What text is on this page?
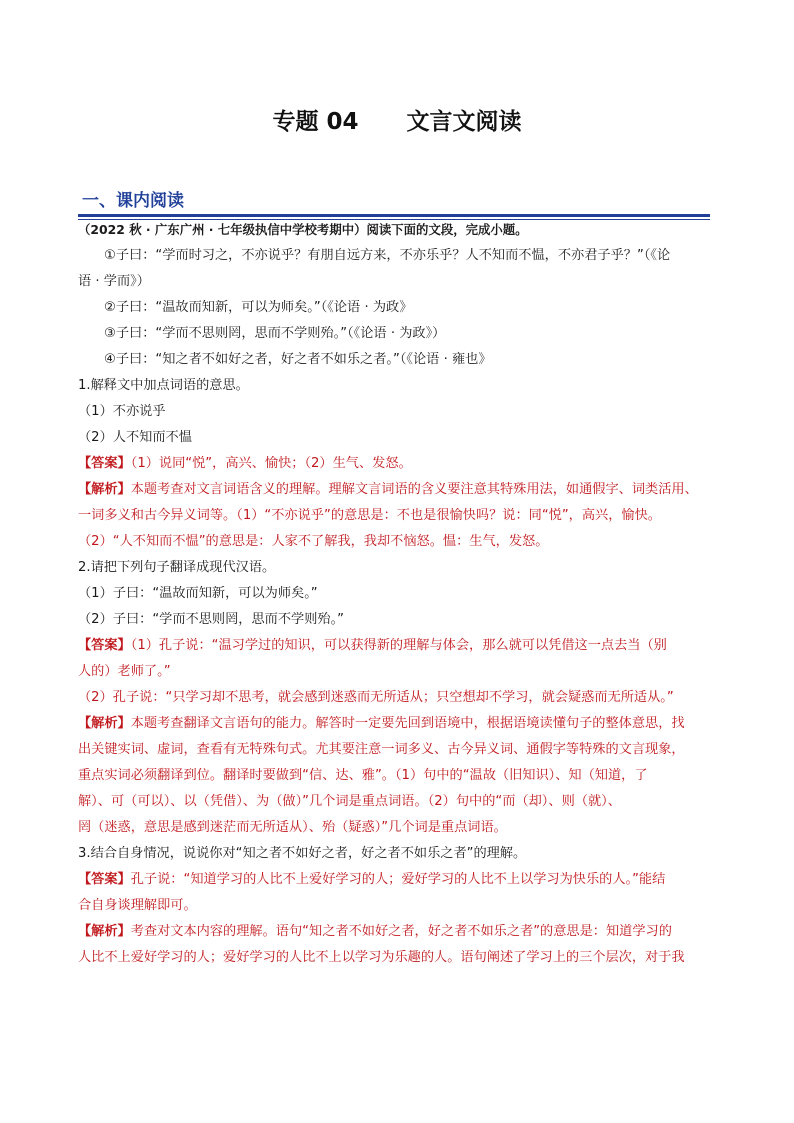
专题 04      文言文阅读
一、课内阅读
（2022 秋 · 广东广州 · 七年级执信中学校考期中）阅读下面的文段，完成小题。
①子曰：“学而时习之，不亦说乎？有朋自远方来，不亦乐乎？人不知而不愠，不亦君子乎？”（《论
语 · 学而》）
②子曰：“温故而知新，可以为师矣。”（《论语 · 为政》
③子曰：“学而不思则罔，思而不学则殆。”（《论语 · 为政》）
④子曰：“知之者不如好之者，好之者不如乐之者。”（《论语 · 雍也》
1.解释文中加点词语的意思。
（1）不亦说乎
（2）人不知而不愠
【答案】（1）说同“悦”，高兴、愉快；（2）生气、发怒。
【解析】本题考查对文言词语含义的理解。理解文言词语的含义要注意其特殊用法，如通假字、词类活用、
一词多义和古今异义词等。（1）“不亦说乎”的意思是：不也是很愉快吗？说：同“悦”，高兴，愉快。
（2）“人不知而不愠”的意思是：人家不了解我，我却不恼怒。愠：生气，发怒。
2.请把下列句子翻译成现代汉语。
（1）子曰：“温故而知新，可以为师矣。”
（2）子曰：“学而不思则罔，思而不学则殆。”
【答案】（1）孔子说：“温习学过的知识，可以获得新的理解与体会，那么就可以凭借这一点去当（别
人的）老师了。”
（2）孔子说：“只学习却不思考，就会感到迷惑而无所适从；只空想却不学习，就会疑惑而无所适从。”
【解析】本题考查翻译文言语句的能力。解答时一定要先回到语境中，根据语境读懂句子的整体意思，找
出关键实词、虚词，查看有无特殊句式。尤其要注意一词多义、古今异义词、通假字等特殊的文言现象，
重点实词必须翻译到位。翻译时要做到“信、达、雅”。（1）句中的“温故（旧知识）、知（知道，了
解）、可（可以）、以（凭借）、为（做）”几个词是重点词语。（2）句中的“而（却）、则（就）、
罔（迷惑，意思是感到迷茫而无所适从）、殆（疑惑）”几个词是重点词语。
3.结合自身情况，说说你对“知之者不如好之者，好之者不如乐之者”的理解。
【答案】孔子说：“知道学习的人比不上爱好学习的人；爱好学习的人比不上以学习为快乐的人。”能结
合自身谈理解即可。
【解析】考查对文本内容的理解。语句“知之者不如好之者，好之者不如乐之者”的意思是：知道学习的
人比不上爱好学习的人；爱好学习的人比不上以学习为乐趣的人。语句阐述了学习上的三个层次，对于我
